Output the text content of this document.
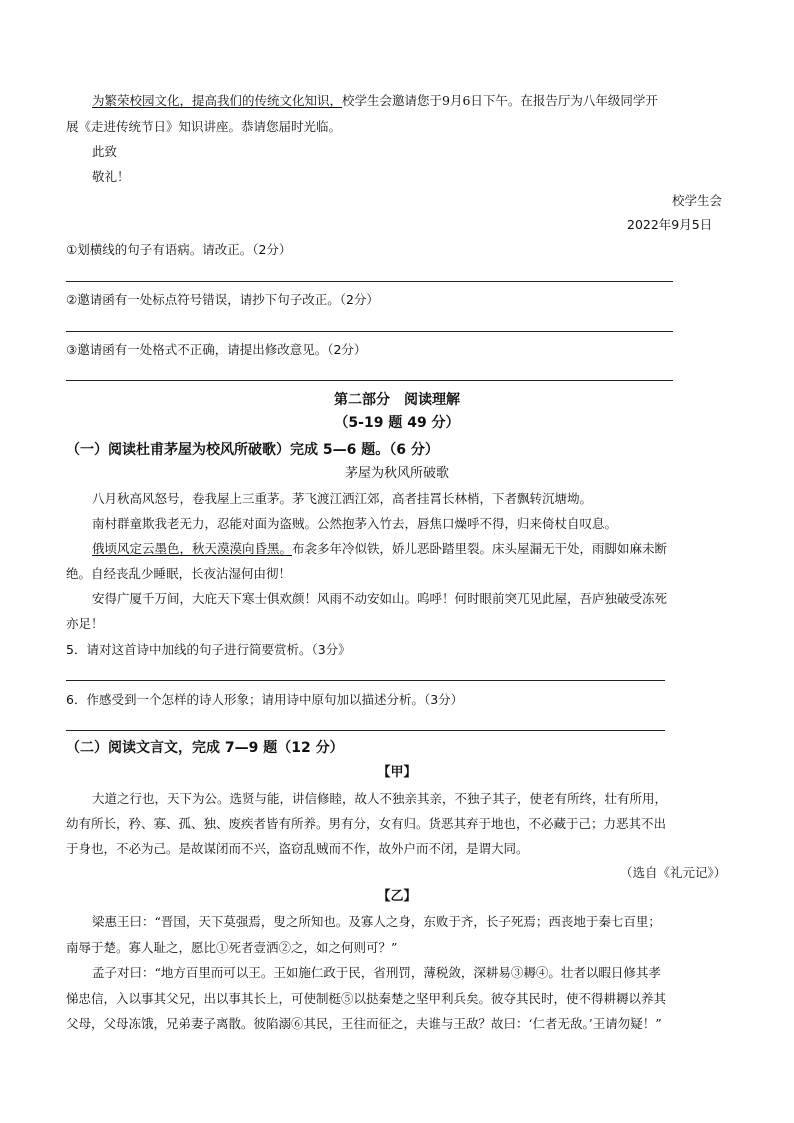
为繁荣校园文化，提高我们的传统文化知识，校学生会邀请您于9月6日下午。在报告厅为八年级同学开
展《走进传统节日》知识讲座。恭请您届时光临。
此致
敬礼！
校学生会
2022年9月5日
①划横线的句子有语病。请改正。（2分）
②邀请函有一处标点符号错误，请抄下句子改正。（2分）
③邀请函有一处格式不正确，请提出修改意见。（2分）
第二部分　阅读理解
（5-19 题 49 分）
（一）阅读杜甫茅屋为校风所破歌）完成 5—6 题。（6 分）
茅屋为秋风所破歌
八月秋高风怒号，卷我屋上三重茅。茅飞渡江洒江郊，高者挂罥长林梢，下者飘转沉塘坳。
南村群童欺我老无力，忍能对面为盗贼。公然抱茅入竹去，唇焦口燥呼不得，归来倚杖自叹息。
俄顷风定云墨色，秋天漠漠向昏黑。布衾多年冷似铁，娇儿恶卧踏里裂。床头屋漏无干处，雨脚如麻未断
绝。自经丧乱少睡眠，长夜沾湿何由彻！
安得广厦千万间，大庇天下寒士俱欢颜！风雨不动安如山。呜呼！何时眼前突兀见此屋，吾庐独破受冻死
亦足！
5．请对这首诗中加线的句子进行简要赏析。（3分》
6．作感受到一个怎样的诗人形象；请用诗中原句加以描述分析。（3分）
（二）阅读文言文，完成 7—9 题（12 分）
【甲】
大道之行也，天下为公。选贤与能，讲信修睦，故人不独亲其亲，不独子其子，使老有所终，壮有所用，
幼有所长，矜、寡、孤、独、废疾者皆有所养。男有分，女有归。货恶其弃于地也，不必藏于己；力恶其不出
于身也，不必为己。是故谋闭而不兴，盗窃乱贼而不作，故外户而不闭，是谓大同。
（选自《礼元记》）
【乙】
梁惠王曰：“晋国，天下莫强焉，叟之所知也。及寡人之身，东败于齐，长子死焉；西丧地于秦七百里；
南辱于楚。寡人耻之，愿比①死者壹洒②之，如之何则可？”
孟子对曰：“地方百里而可以王。王如施仁政于民，省刑罚，薄税敛，深耕易③耨④。壮者以暇日修其孝
悌忠信，入以事其父兄，出以事其长上，可使制梃⑤以挞秦楚之坚甲利兵矣。彼夺其民时，使不得耕耨以养其
父母，父母冻饿，兄弟妻子离散。彼陷溺⑥其民，王往而征之，夫谁与王敌？故曰：‘仁者无敌。’王请勿疑！”
